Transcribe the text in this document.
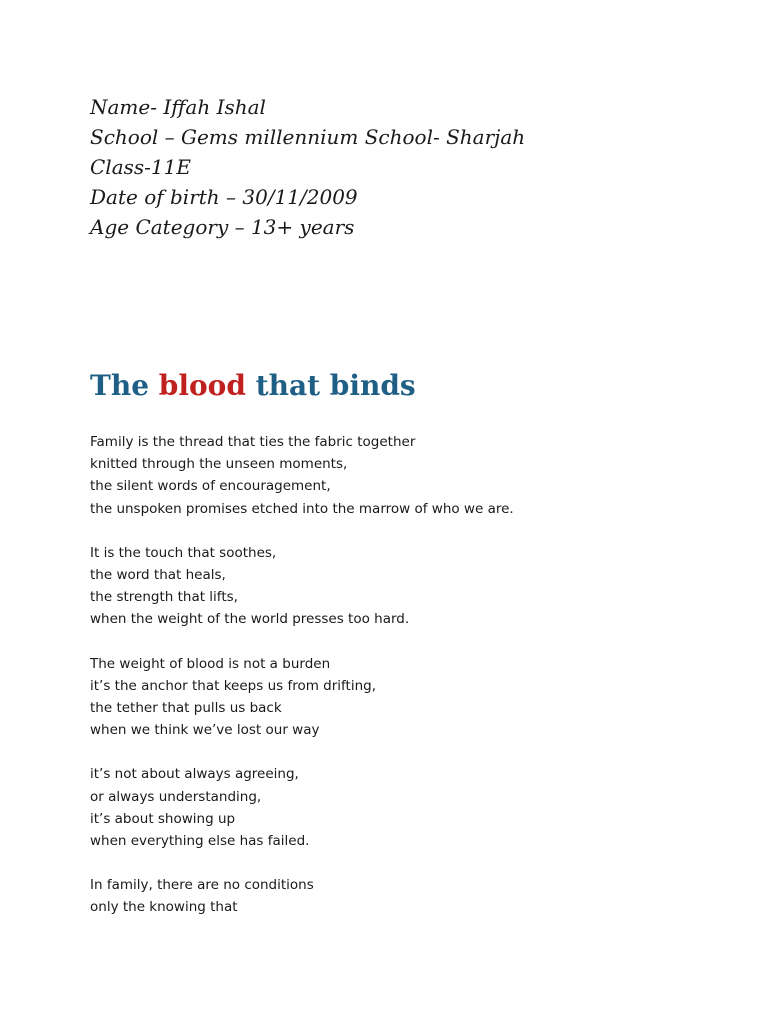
Name- Iffah Ishal
School – Gems millennium School- Sharjah
Class-11E
Date of birth – 30/11/2009
Age Category – 13+ years
The blood that binds
Family is the thread that ties the fabric together
knitted through the unseen moments,
the silent words of encouragement,
the unspoken promises etched into the marrow of who we are.
It is the touch that soothes,
the word that heals,
the strength that lifts,
when the weight of the world presses too hard.
The weight of blood is not a burden
it’s the anchor that keeps us from drifting,
the tether that pulls us back
when we think we’ve lost our way
it’s not about always agreeing,
or always understanding,
it’s about showing up
when everything else has failed.
In family, there are no conditions
only the knowing that
